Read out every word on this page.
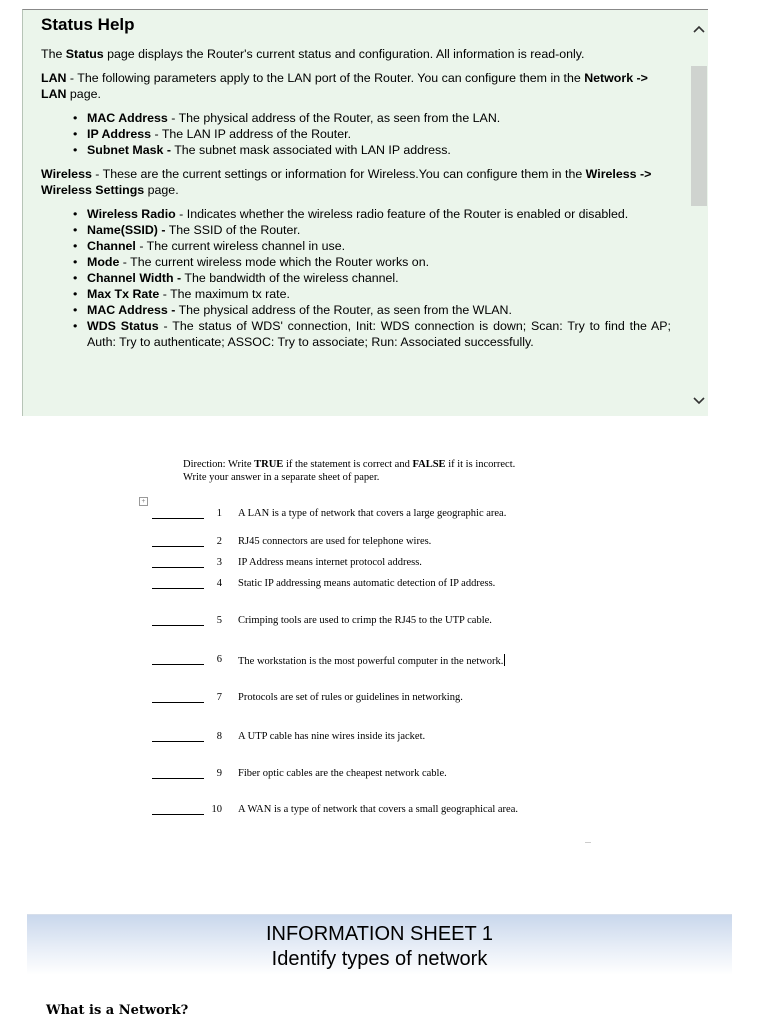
Status Help

The Status page displays the Router's current status and configuration. All information is read-only.

LAN - The following parameters apply to the LAN port of the Router. You can configure them in the Network -> LAN page.

• MAC Address - The physical address of the Router, as seen from the LAN.
• IP Address - The LAN IP address of the Router.
• Subnet Mask - The subnet mask associated with LAN IP address.

Wireless - These are the current settings or information for Wireless.You can configure them in the Wireless -> Wireless Settings page.

• Wireless Radio - Indicates whether the wireless radio feature of the Router is enabled or disabled.
• Name(SSID) - The SSID of the Router.
• Channel - The current wireless channel in use.
• Mode - The current wireless mode which the Router works on.
• Channel Width - The bandwidth of the wireless channel.
• Max Tx Rate - The maximum tx rate.
• MAC Address - The physical address of the Router, as seen from the WLAN.
• WDS Status - The status of WDS' connection, Init: WDS connection is down; Scan: Try to find the AP; Auth: Try to authenticate; ASSOC: Try to associate; Run: Associated successfully.
Direction: Write TRUE if the statement is correct and FALSE if it is incorrect.
Write your answer in a separate sheet of paper.
+
1 A LAN is a type of network that covers a large geographic area.
2 RJ45 connectors are used for telephone wires.
3 IP Address means internet protocol address.
4 Static IP addressing means automatic detection of IP address.
5 Crimping tools are used to crimp the RJ45 to the UTP cable.
6 The workstation is the most powerful computer in the network.
7 Protocols are set of rules or guidelines in networking.
8 A UTP cable has nine wires inside its jacket.
9 Fiber optic cables are the cheapest network cable.
10 A WAN is a type of network that covers a small geographical area.
INFORMATION SHEET 1
Identify types of network
What is a Network?
